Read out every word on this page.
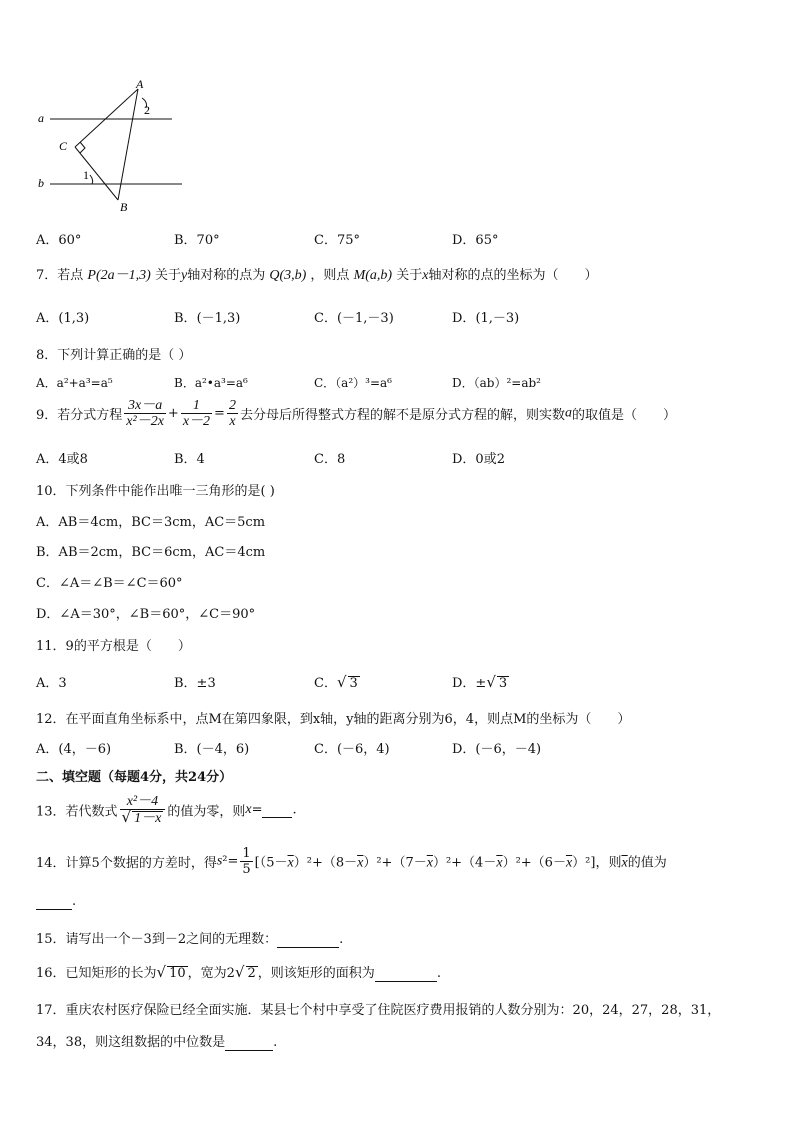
a
b
A
B
C
1
2
A．60°	B．70°	C．75°	D．65°
7．若点 P(2a－1,3) 关于y轴对称的点为 Q(3,b) ，则点 M(a,b) 关于x轴对称的点的坐标为（　　）
A．(1,3)	B．(－1,3)	C．(－1,－3)	D．(1,－3)
8．下列计算正确的是（ ）
A．a²+a³=a⁵	B．a²•a³=a⁶	C．（a²）³=a⁶	D．（ab）²=ab²
9．若分式方程 $\frac{3x-a}{\text{x²－2x}} + \frac{1}{x-2} = \frac{2}{x}$ 去分母后所得整式方程的解不是原分式方程的解，则实数a的取值是（　　）
A．4或8	B．4	C．8	D．0或2
10．下列条件中能作出唯一三角形的是( )
A．AB＝4cm，BC＝3cm，AC＝5cm
B．AB＝2cm，BC＝6cm，AC＝4cm
C．∠A＝∠B＝∠C＝60°
D．∠A＝30°，∠B＝60°，∠C＝90°
11．9的平方根是（　　）
A．3	B．±3	C．√ 3	D．±√ 3
12．在平面直角坐标系中，点M在第四象限，到x轴，y轴的距离分别为6，4，则点M的坐标为（　　）
A．(4，－6)	B．(－4，6)	C．(－6，4)	D．(－6，－4)
二、填空题（每题4分，共24分）
13．若代数式 $\frac{\text{x²－4}}{√ 1-x}$ 的值为零，则x= .
14．计算5个数据的方差时，得$s^2= \frac{1}{5} [(5-\overline{x})^2+(8-\overline{x})^2+(7-\overline{x})^2+(4-\overline{x})^2+(6-\overline{x})^2]$，则$\overline{x}$的值为
.
15．请写出一个－3到－2之间的无理数：	.
16．已知矩形的长为√ 10 ，宽为2√ 2 ，则该矩形的面积为	.
17．重庆农村医疗保险已经全面实施．某县七个村中享受了住院医疗费用报销的人数分别为：20，24，27，28，31，
34，38，则这组数据的中位数是	.
